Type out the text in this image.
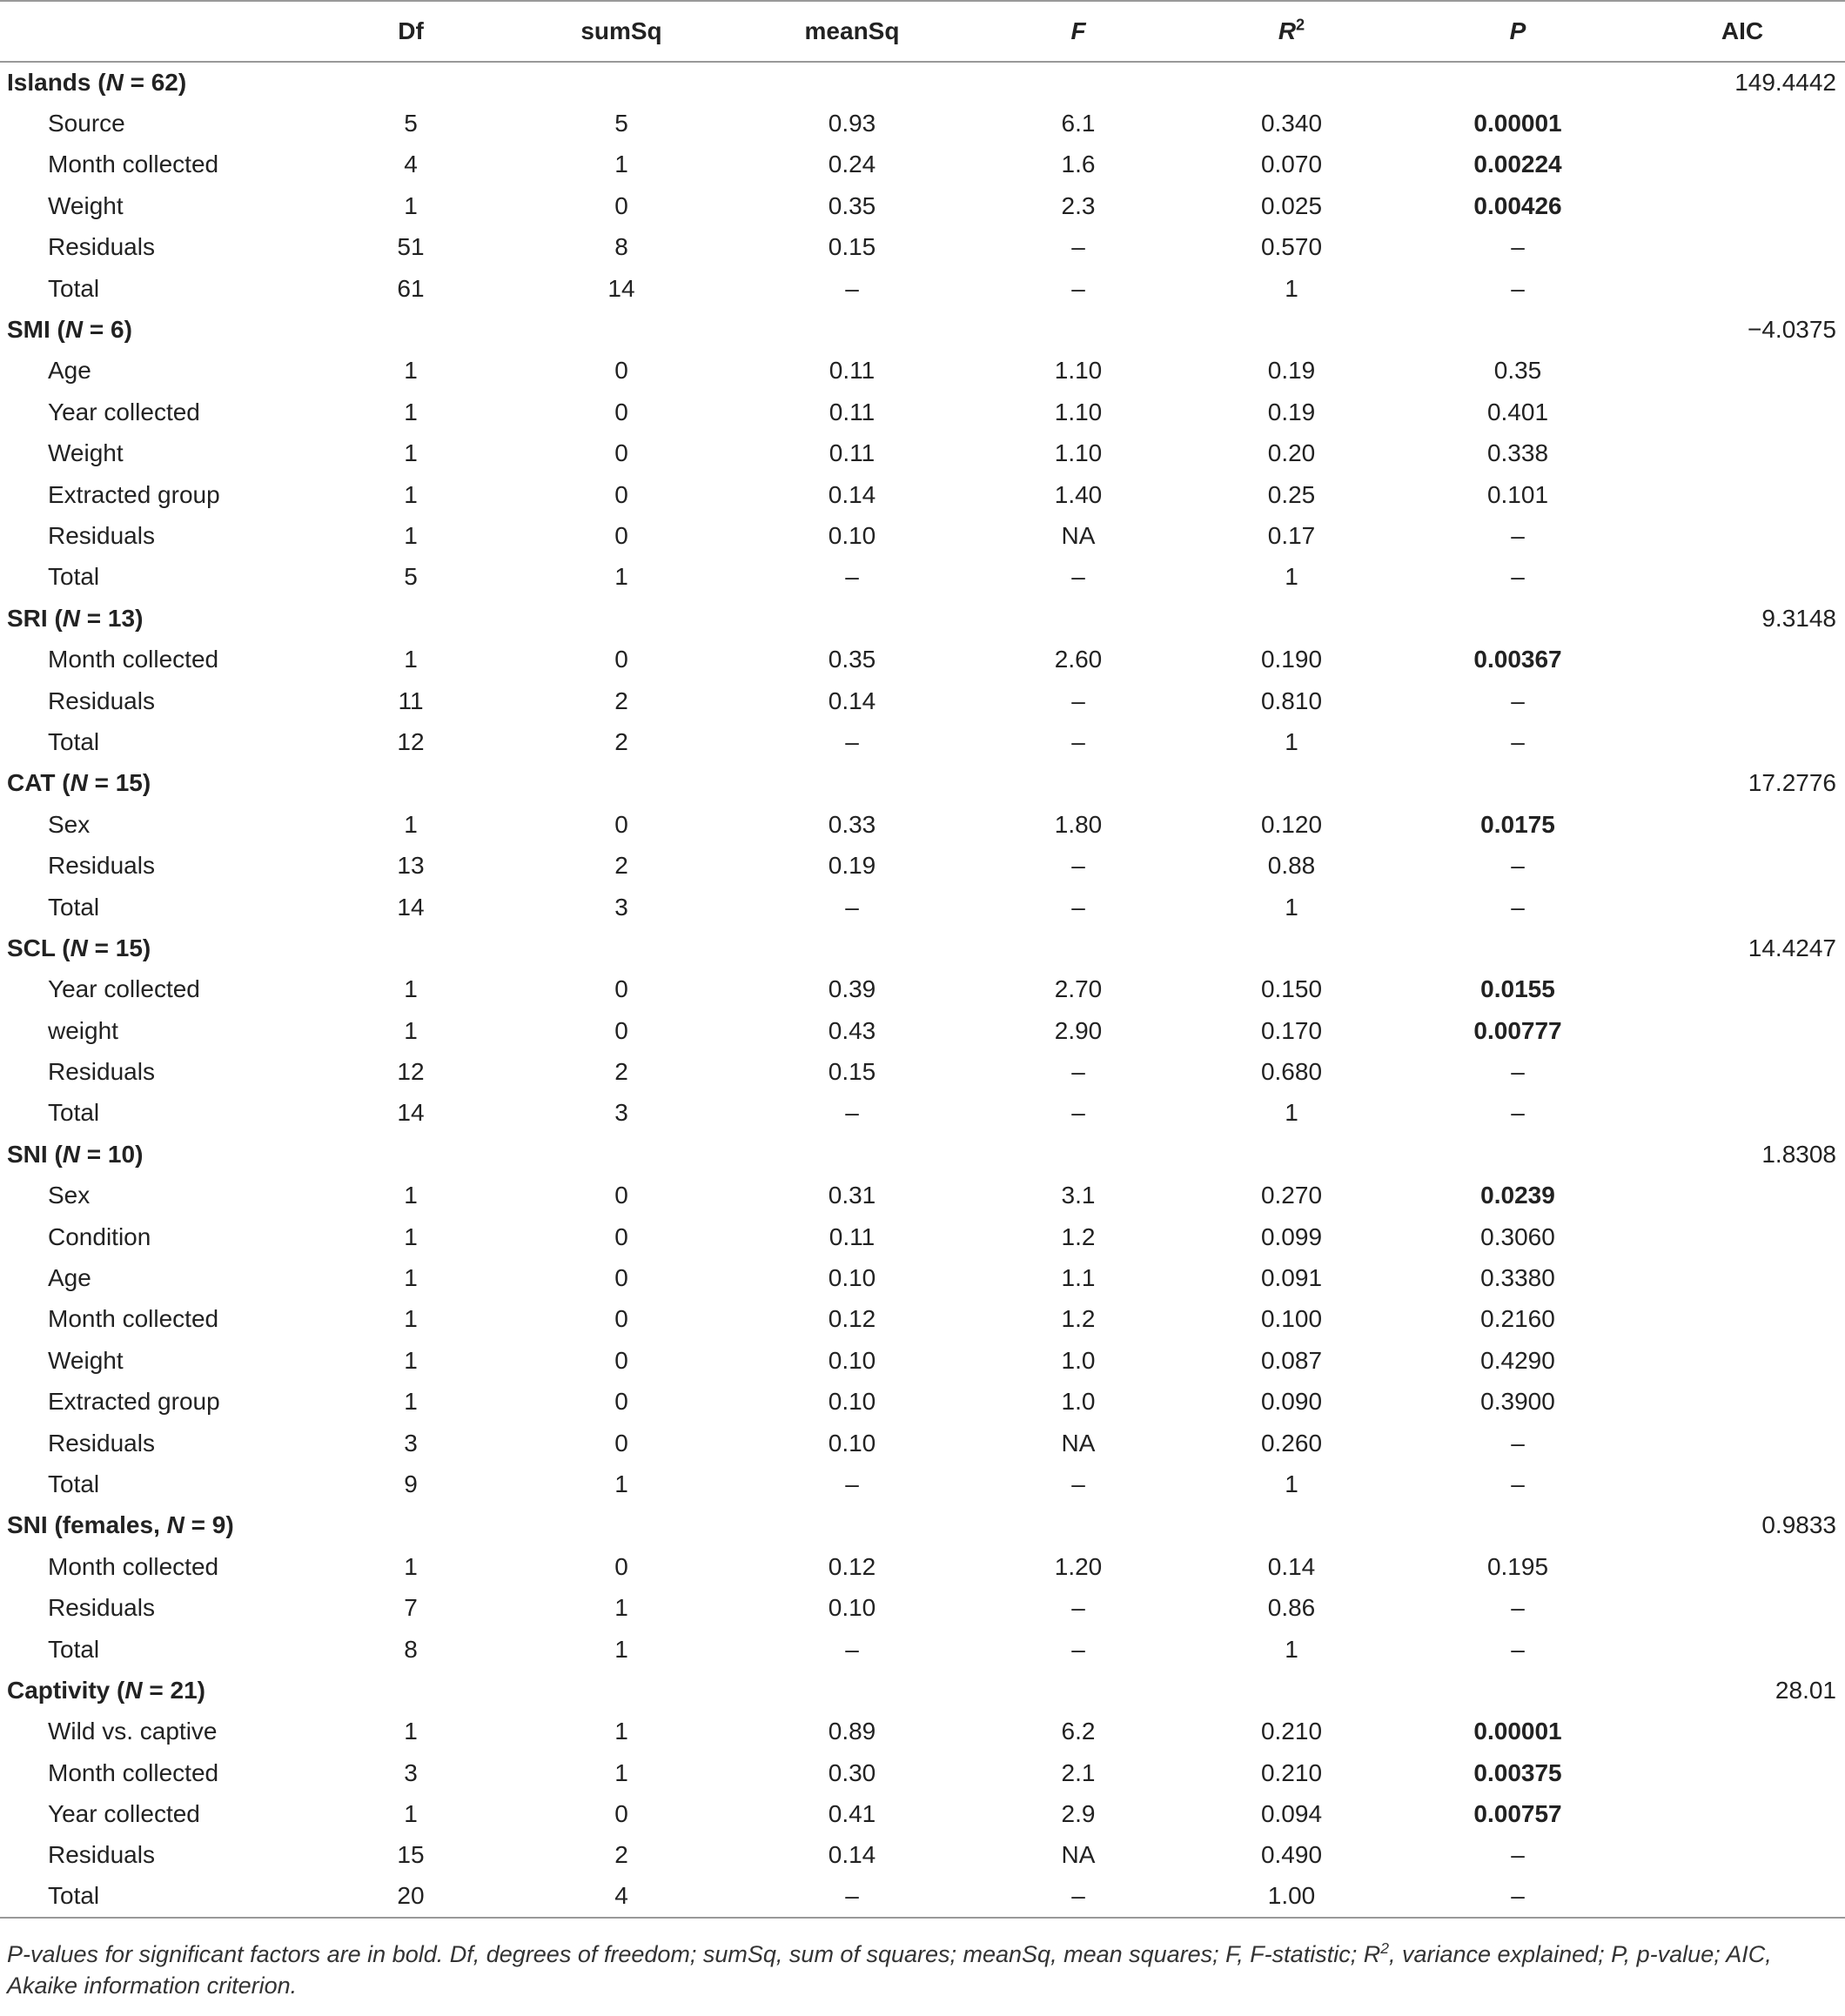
	Df	sumSq	meanSq	F	$R^2$	P	AIC
Islands (N = 62)							149.4442
Source	5	5	0.93	6.1	0.340	0.00001	
Month collected	4	1	0.24	1.6	0.070	0.00224	
Weight	1	0	0.35	2.3	0.025	0.00426	
Residuals	51	8	0.15	–	0.570	–	
Total	61	14	–	–	1	–	
SMI (N = 6)							−4.0375
Age	1	0	0.11	1.10	0.19	0.35	
Year collected	1	0	0.11	1.10	0.19	0.401	
Weight	1	0	0.11	1.10	0.20	0.338	
Extracted group	1	0	0.14	1.40	0.25	0.101	
Residuals	1	0	0.10	NA	0.17	–	
Total	5	1	–	–	1	–	
SRI (N = 13)							9.3148
Month collected	1	0	0.35	2.60	0.190	0.00367	
Residuals	11	2	0.14	–	0.810	–	
Total	12	2	–	–	1	–	
CAT (N = 15)							17.2776
Sex	1	0	0.33	1.80	0.120	0.0175	
Residuals	13	2	0.19	–	0.88	–	
Total	14	3	–	–	1	–	
SCL (N = 15)							14.4247
Year collected	1	0	0.39	2.70	0.150	0.0155	
weight	1	0	0.43	2.90	0.170	0.00777	
Residuals	12	2	0.15	–	0.680	–	
Total	14	3	–	–	1	–	
SNI (N = 10)							1.8308
Sex	1	0	0.31	3.1	0.270	0.0239	
Condition	1	0	0.11	1.2	0.099	0.3060	
Age	1	0	0.10	1.1	0.091	0.3380	
Month collected	1	0	0.12	1.2	0.100	0.2160	
Weight	1	0	0.10	1.0	0.087	0.4290	
Extracted group	1	0	0.10	1.0	0.090	0.3900	
Residuals	3	0	0.10	NA	0.260	–	
Total	9	1	–	–	1	–	
SNI (females, N = 9)							0.9833
Month collected	1	0	0.12	1.20	0.14	0.195	
Residuals	7	1	0.10	–	0.86	–	
Total	8	1	–	–	1	–	
Captivity (N = 21)							28.01
Wild vs. captive	1	1	0.89	6.2	0.210	0.00001	
Month collected	3	1	0.30	2.1	0.210	0.00375	
Year collected	1	0	0.41	2.9	0.094	0.00757	
Residuals	15	2	0.14	NA	0.490	–	
Total	20	4	–	–	1.00	–	
P-values for significant factors are in bold. Df, degrees of freedom; sumSq, sum of squares; meanSq, mean squares; F, F-statistic; $R^2$, variance explained; P, p-value; AIC, Akaike information criterion.
